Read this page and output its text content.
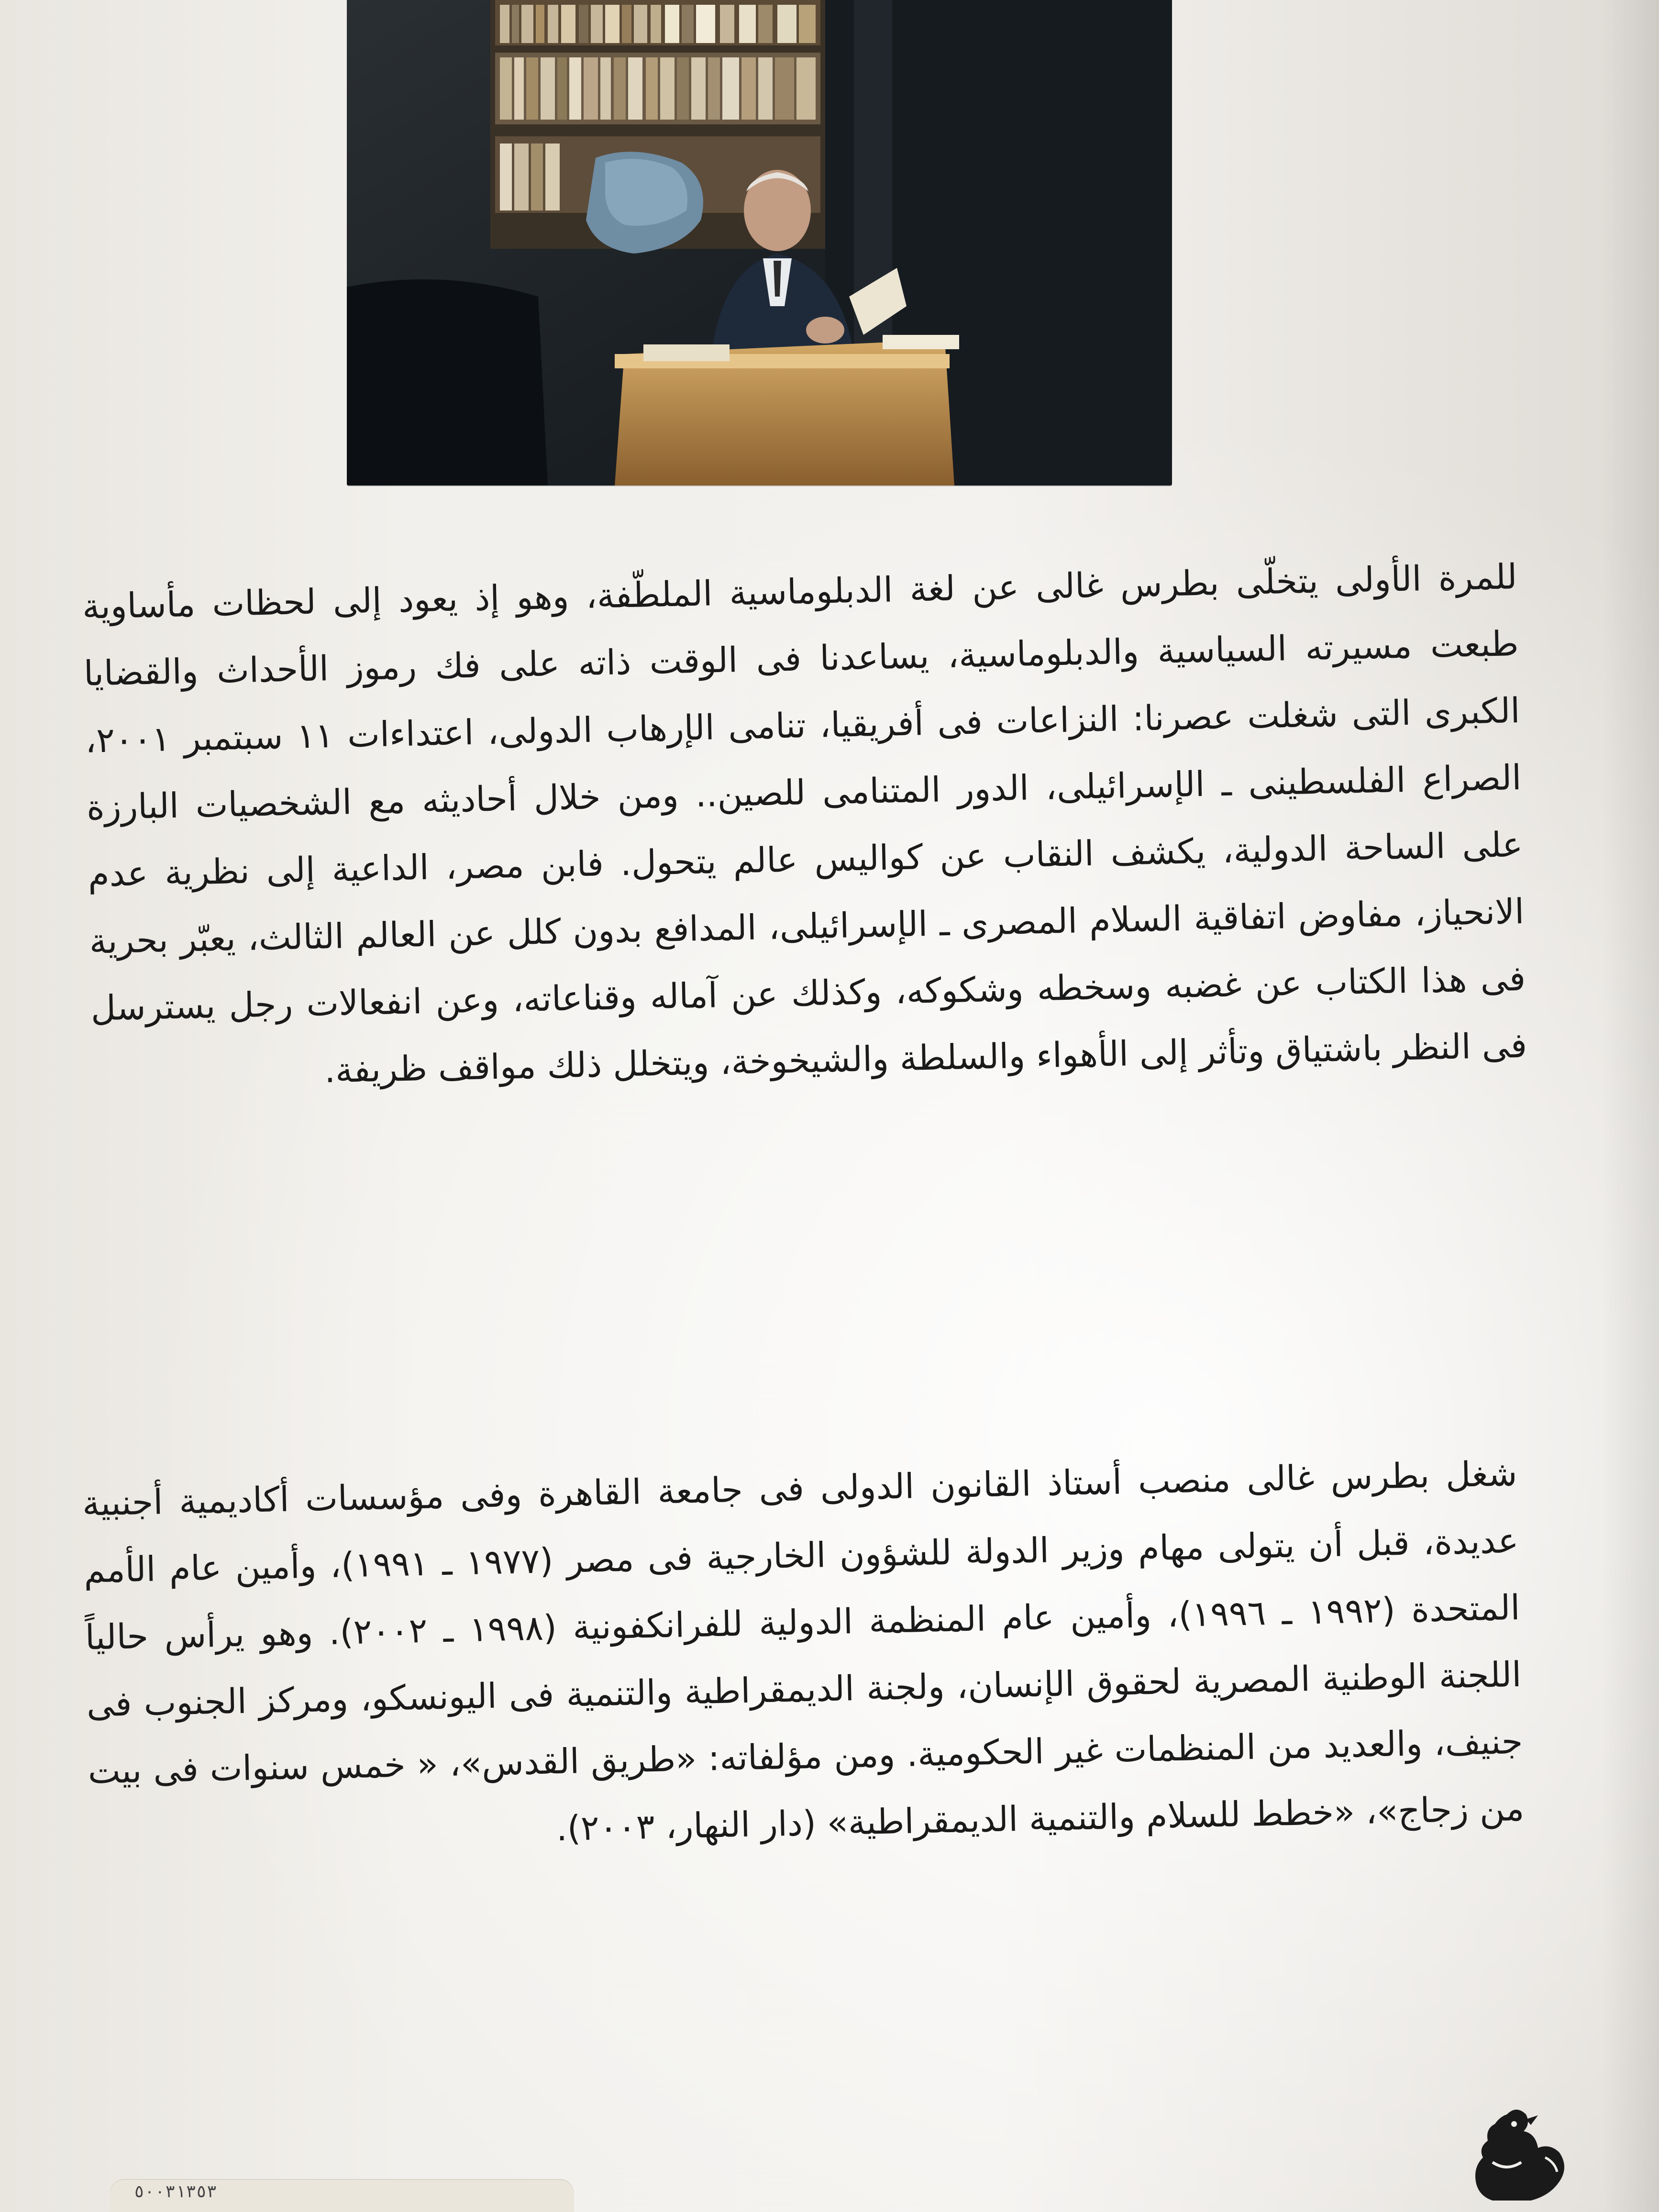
للمرة الأولى يتخلّى بطرس غالى عن لغة الدبلوماسية الملطّفة، وهو إذ يعود إلى لحظات مأساوية طبعت مسيرته السياسية والدبلوماسية، يساعدنا فى الوقت ذاته على فك رموز الأحداث والقضايا الكبرى التى شغلت عصرنا: النزاعات فى أفريقيا، تنامى الإرهاب الدولى، اعتداءات ١١ سبتمبر ٢٠٠١، الصراع الفلسطينى ـ الإسرائيلى، الدور المتنامى للصين.. ومن خلال أحاديثه مع الشخصيات البارزة على الساحة الدولية، يكشف النقاب عن كواليس عالم يتحول. فابن مصر، الداعية إلى نظرية عدم الانحياز، مفاوض اتفاقية السلام المصرى ـ الإسرائيلى، المدافع بدون كلل عن العالم الثالث، يعبّر بحرية فى هذا الكتاب عن غضبه وسخطه وشكوكه، وكذلك عن آماله وقناعاته، وعن انفعالات رجل يسترسل فى النظر باشتياق وتأثر إلى الأهواء والسلطة والشيخوخة، ويتخلل ذلك مواقف ظريفة.
شغل بطرس غالى منصب أستاذ القانون الدولى فى جامعة القاهرة وفى مؤسسات أكاديمية أجنبية عديدة، قبل أن يتولى مهام وزير الدولة للشؤون الخارجية فى مصر (١٩٧٧ ـ ١٩٩١)، وأمين عام الأمم المتحدة (١٩٩٢ ـ ١٩٩٦)، وأمين عام المنظمة الدولية للفرانكفونية (١٩٩٨ ـ ٢٠٠٢). وهو يرأس حالياً اللجنة الوطنية المصرية لحقوق الإنسان، ولجنة الديمقراطية والتنمية فى اليونسكو، ومركز الجنوب فى جنيف، والعديد من المنظمات غير الحكومية. ومن مؤلفاته: «طريق القدس»، « خمس سنوات فى بيت من زجاج»، «خطط للسلام والتنمية الديمقراطية» (دار النهار، ٢٠٠٣).
٥٠٠٣١٣٥٣
